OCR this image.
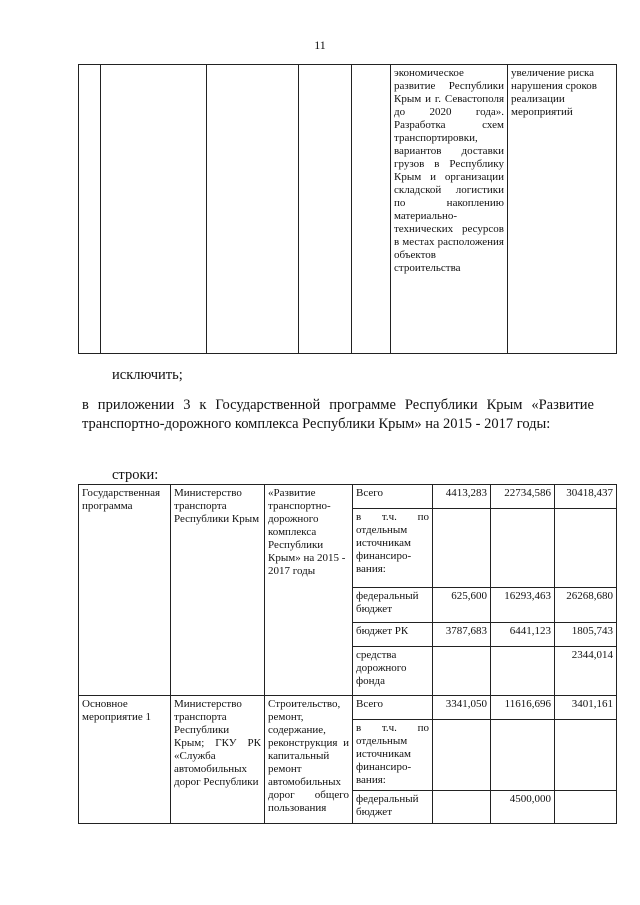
11
					экономическое развитие Республики Крым и г. Севастополя до 2020 года». Разработка схем транспортировки, вариантов доставки грузов в Республику Крым и организации складской логистики по накоплению материально-технических ресурсов в местах расположения объектов строительства	увеличение риска нарушения сроков реализации мероприятий
исключить;
в приложении 3 к Государственной программе Республики Крым «Развитие транспортно-дорожного комплекса Республики Крым» на 2015 - 2017 годы:
строки:
Государственная программа	Министерство транспорта Республики Крым	«Развитие транспортно-дорожного комплекса Республики Крым» на 2015 - 2017 годы	Всего	4413,283	22734,586	30418,437
			в т.ч. по отдельным источникам финансиро-вания:			
			федеральный бюджет	625,600	16293,463	26268,680
			бюджет РК	3787,683	6441,123	1805,743
			средства дорожного фонда			2344,014
Основное мероприятие 1	Министерство транспорта Республики Крым; ГКУ РК «Служба автомобильных дорог Республики	Строительство, ремонт, содержание, реконструкция и капитальный ремонт автомобильных дорог общего пользования	Всего	3341,050	11616,696	3401,161
			в т.ч. по отдельным источникам финансиро-вания:			
			федеральный бюджет		4500,000	
